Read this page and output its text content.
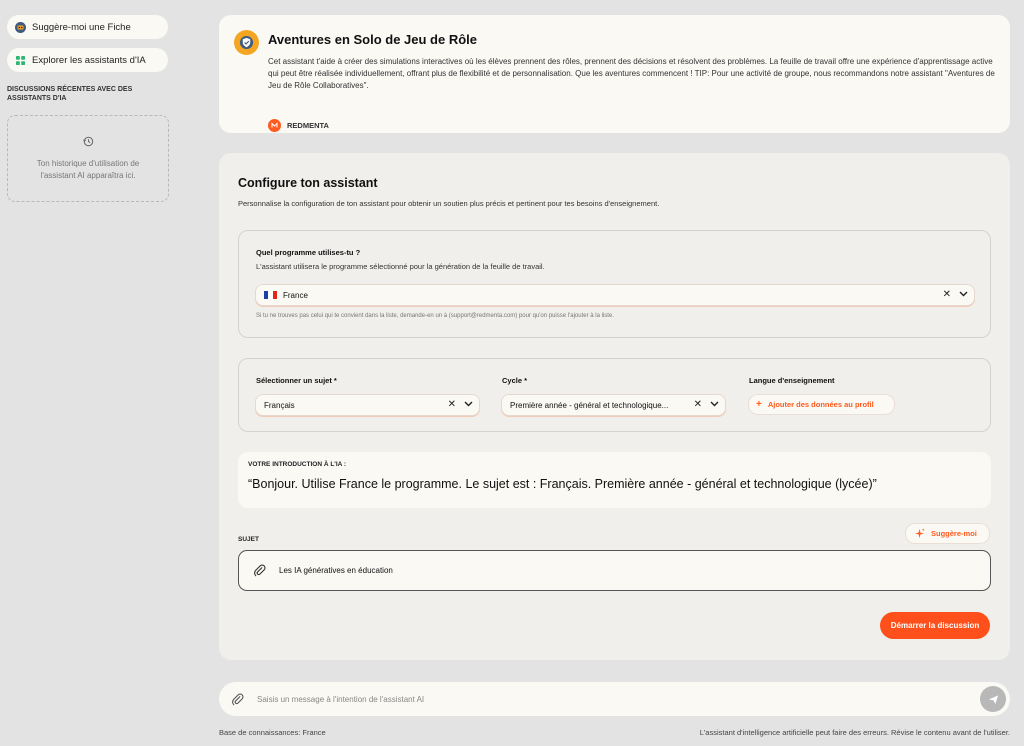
Suggère-moi une Fiche
Explorer les assistants d'IA
DISCUSSIONS RÉCENTES AVEC DES ASSISTANTS D'IA
Ton historique d'utilisation de l'assistant AI apparaîtra ici.
Aventures en Solo de Jeu de Rôle
Cet assistant t'aide à créer des simulations interactives où les élèves prennent des rôles, prennent des décisions et résolvent des problèmes. La feuille de travail offre une expérience d'apprentissage active qui peut être réalisée individuellement, offrant plus de flexibilité et de personnalisation. Que les aventures commencent ! TIP: Pour une activité de groupe, nous recommandons notre assistant "Aventures de Jeu de Rôle Collaboratives".
REDMENTA
Configure ton assistant
Personnalise la configuration de ton assistant pour obtenir un soutien plus précis et pertinent pour tes besoins d'enseignement.
Quel programme utilises-tu ?
L'assistant utilisera le programme sélectionné pour la génération de la feuille de travail.
France	✕
Si tu ne trouves pas celui qui te convient dans la liste, demande-en un à (support@redmenta.com) pour qu'on puisse l'ajouter à la liste.
Sélectionner un sujet *	Cycle *	Langue d'enseignement
Français	✕	Première année - général et technologique...	✕	+ Ajouter des données au profil
VOTRE INTRODUCTION À L'IA :
“Bonjour. Utilise France le programme. Le sujet est : Français. Première année - général et technologique (lycée)”
Suggère-moi
SUJET
Les IA génératives en éducation
Démarrer la discussion
Saisis un message à l'intention de l'assistant AI
Base de connaissances: France	L'assistant d'intelligence artificielle peut faire des erreurs. Révise le contenu avant de l'utiliser.
